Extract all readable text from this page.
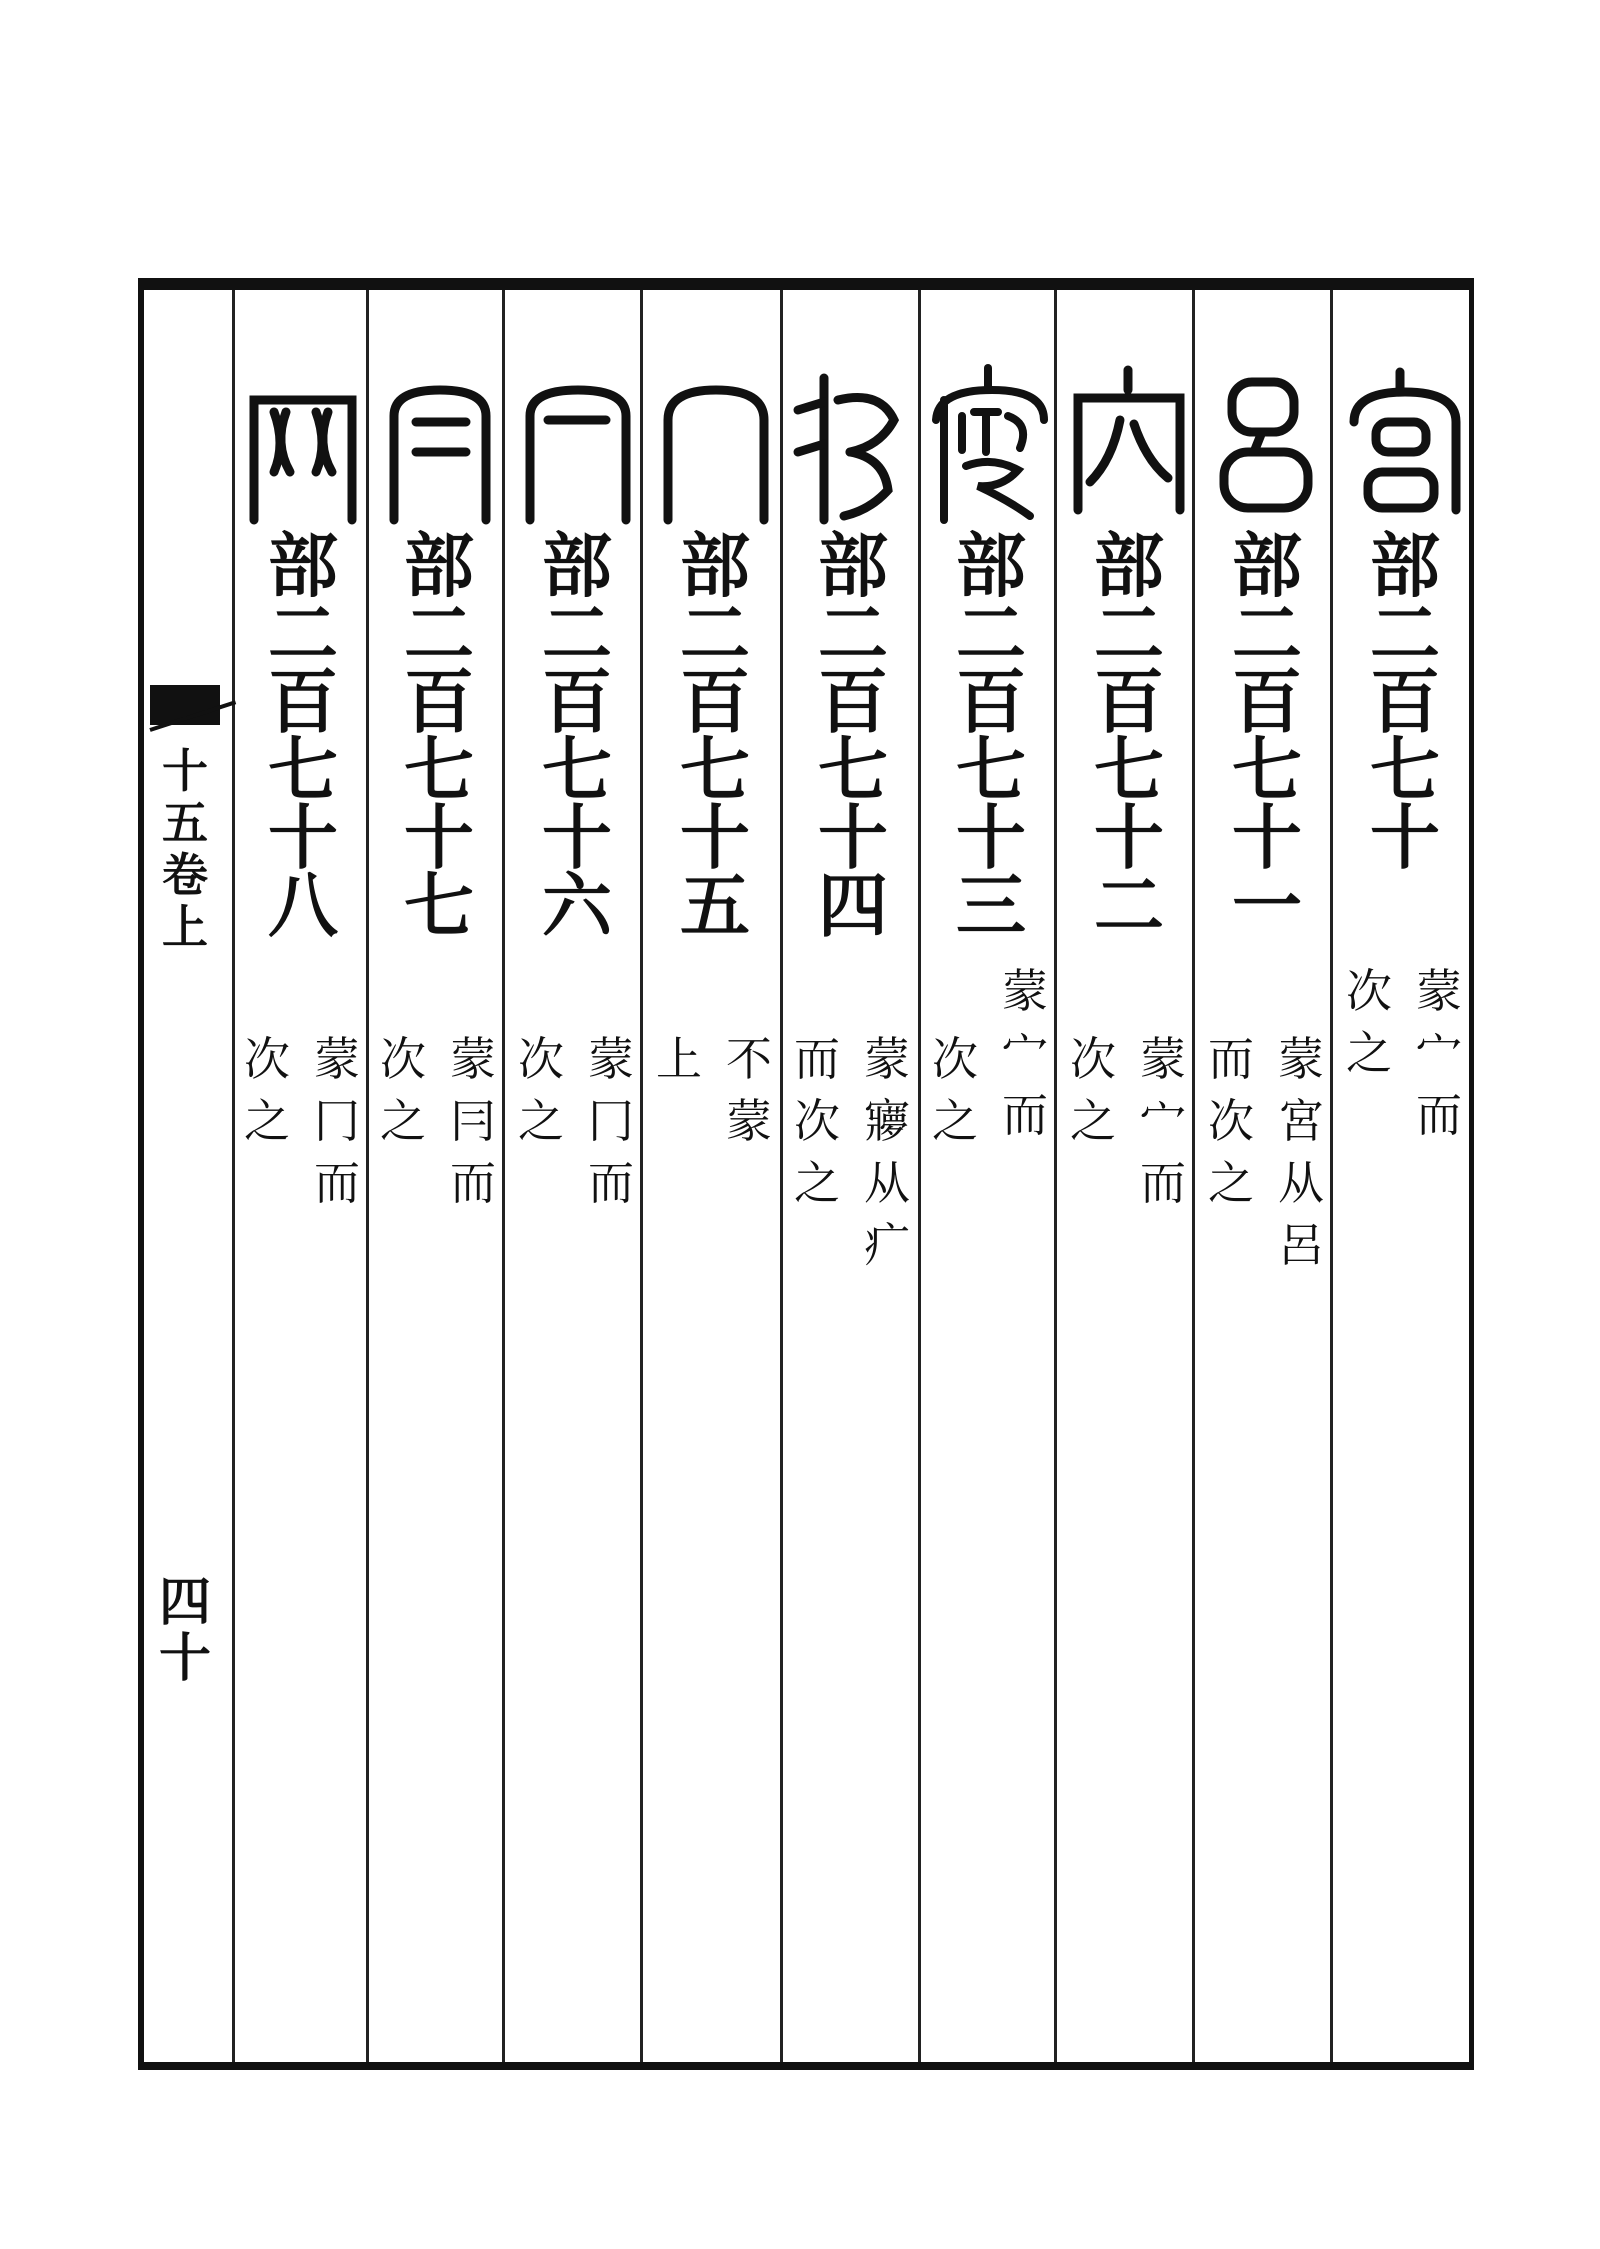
十
五
卷
上
四十
部
二
百
七
十
蒙
宀
而
次
之
部
二
百
七
十
一
蒙
宮
从
呂
而
次
之
部
二
百
七
十
二
蒙
宀
而
次
之
部
二
百
七
十
三
蒙
宀
而
次
之
部
二
百
七
十
四
蒙
㝱
从
疒
而
次
之
部
二
百
七
十
五
不
蒙
上
部
二
百
七
十
六
蒙
冂
而
次
之
部
二
百
七
十
七
蒙
冃
而
次
之
部
二
百
七
十
八
蒙
冂
而
次
之
